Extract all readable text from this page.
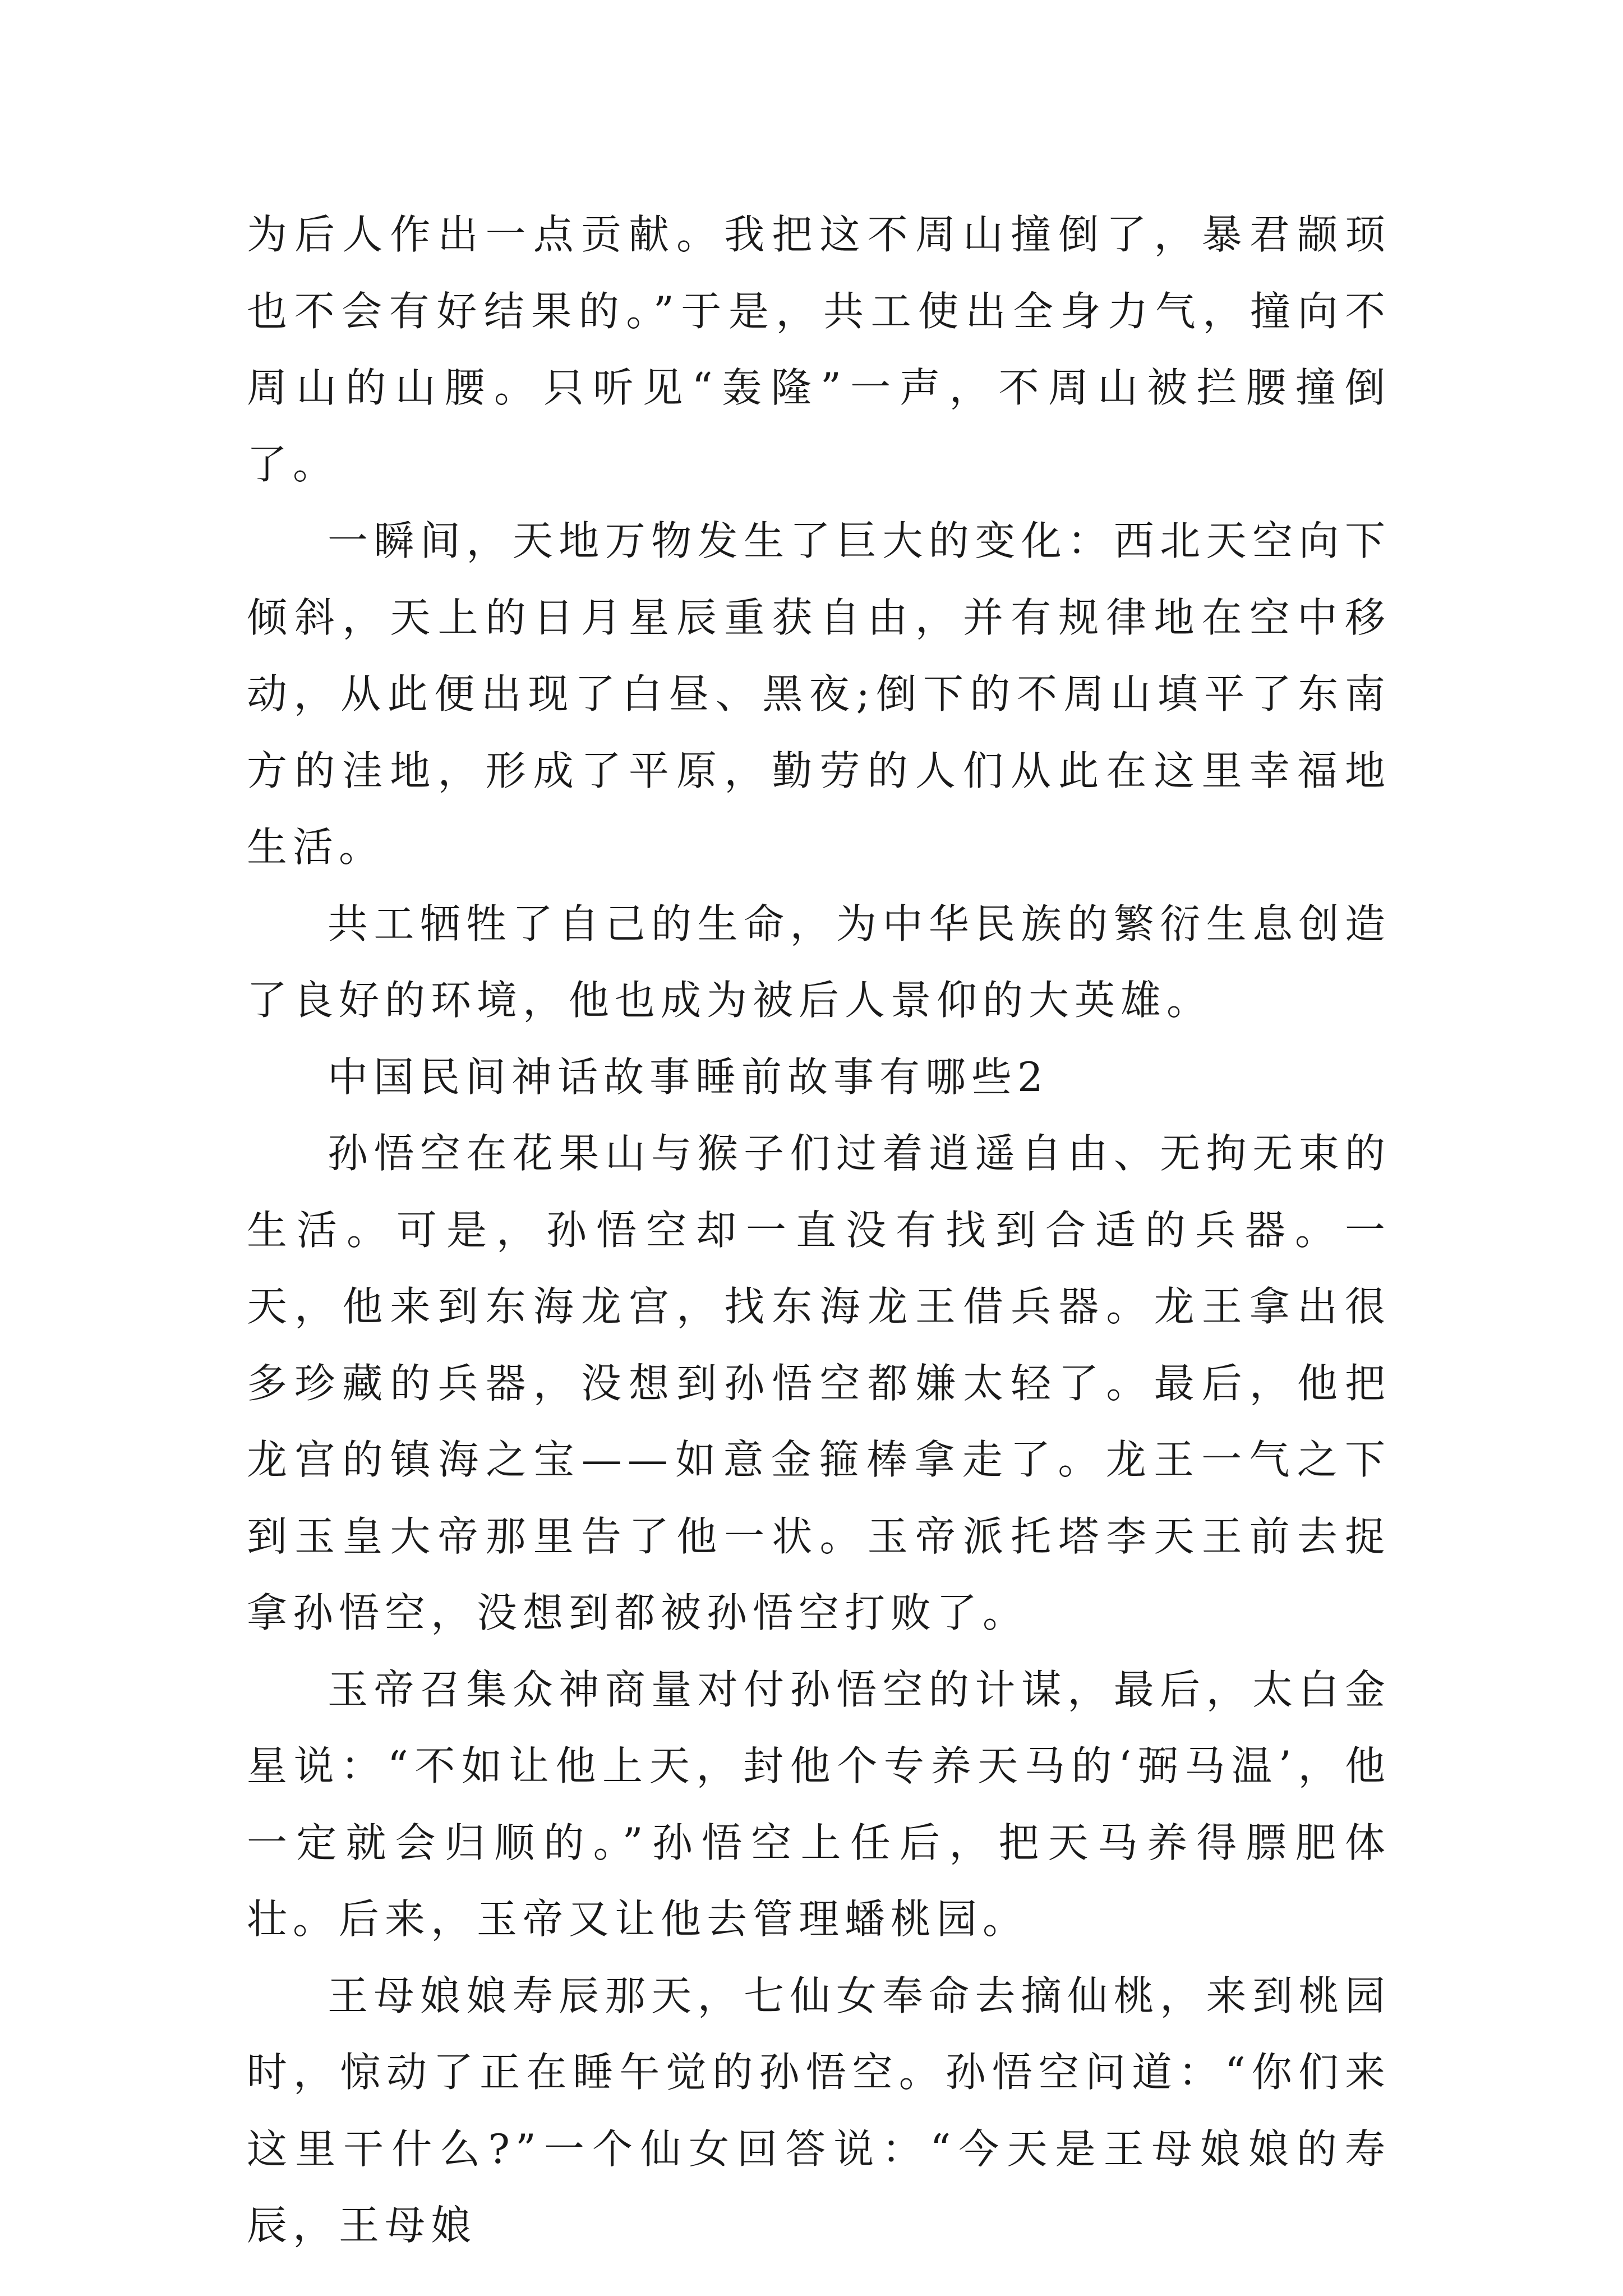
为后人作出一点贡献。我把这不周山撞倒了，暴君颛顼也不会有好结果的。”于是，共工使出全身力气，撞向不周山的山腰。只听见“轰隆”一声，不周山被拦腰撞倒了。

一瞬间，天地万物发生了巨大的变化：西北天空向下倾斜，天上的日月星辰重获自由，并有规律地在空中移动，从此便出现了白昼、黑夜;倒下的不周山填平了东南方的洼地，形成了平原，勤劳的人们从此在这里幸福地生活。

共工牺牲了自己的生命，为中华民族的繁衍生息创造了良好的环境，他也成为被后人景仰的大英雄。

中国民间神话故事睡前故事有哪些2

孙悟空在花果山与猴子们过着逍遥自由、无拘无束的生活。可是，孙悟空却一直没有找到合适的兵器。一天，他来到东海龙宫，找东海龙王借兵器。龙王拿出很多珍藏的兵器，没想到孙悟空都嫌太轻了。最后，他把龙宫的镇海之宝——如意金箍棒拿走了。龙王一气之下到玉皇大帝那里告了他一状。玉帝派托塔李天王前去捉拿孙悟空，没想到都被孙悟空打败了。

玉帝召集众神商量对付孙悟空的计谋，最后，太白金星说：“不如让他上天，封他个专养天马的‘弼马温’，他一定就会归顺的。”孙悟空上任后，把天马养得膘肥体壮。后来，玉帝又让他去管理蟠桃园。

王母娘娘寿辰那天，七仙女奉命去摘仙桃，来到桃园时，惊动了正在睡午觉的孙悟空。孙悟空问道：“你们来这里干什么?”一个仙女回答说：“今天是王母娘娘的寿辰，王母娘
